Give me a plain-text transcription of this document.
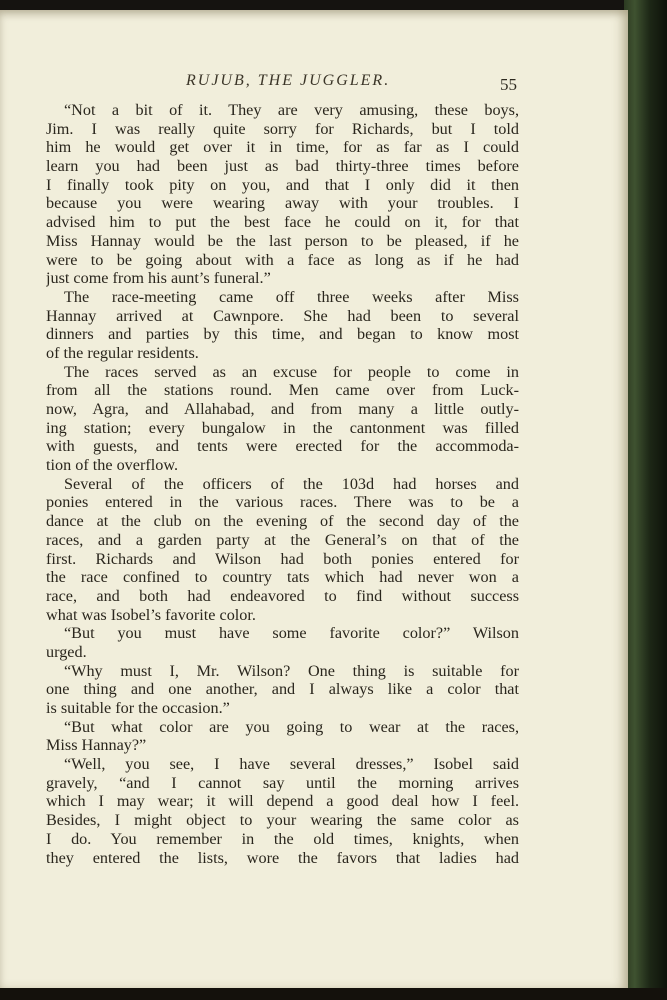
RUJUB, THE JUGGLER.	55
“Not a bit of it. They are very amusing, these boys,
Jim. I was really quite sorry for Richards, but I told
him he would get over it in time, for as far as I could
learn you had been just as bad thirty-three times before
I finally took pity on you, and that I only did it then
because you were wearing away with your troubles. I
advised him to put the best face he could on it, for that
Miss Hannay would be the last person to be pleased, if he
were to be going about with a face as long as if he had
just come from his aunt’s funeral.”
The race-meeting came off three weeks after Miss
Hannay arrived at Cawnpore. She had been to several
dinners and parties by this time, and began to know most
of the regular residents.
The races served as an excuse for people to come in
from all the stations round. Men came over from Luck-
now, Agra, and Allahabad, and from many a little outly-
ing station; every bungalow in the cantonment was filled
with guests, and tents were erected for the accommoda-
tion of the overflow.
Several of the officers of the 103d had horses and
ponies entered in the various races. There was to be a
dance at the club on the evening of the second day of the
races, and a garden party at the General’s on that of the
first. Richards and Wilson had both ponies entered for
the race confined to country tats which had never won a
race, and both had endeavored to find without success
what was Isobel’s favorite color.
“But you must have some favorite color?” Wilson
urged.
“Why must I, Mr. Wilson? One thing is suitable for
one thing and one another, and I always like a color that
is suitable for the occasion.”
“But what color are you going to wear at the races,
Miss Hannay?”
“Well, you see, I have several dresses,” Isobel said
gravely, “and I cannot say until the morning arrives
which I may wear; it will depend a good deal how I feel.
Besides, I might object to your wearing the same color as
I do. You remember in the old times, knights, when
they entered the lists, wore the favors that ladies had
